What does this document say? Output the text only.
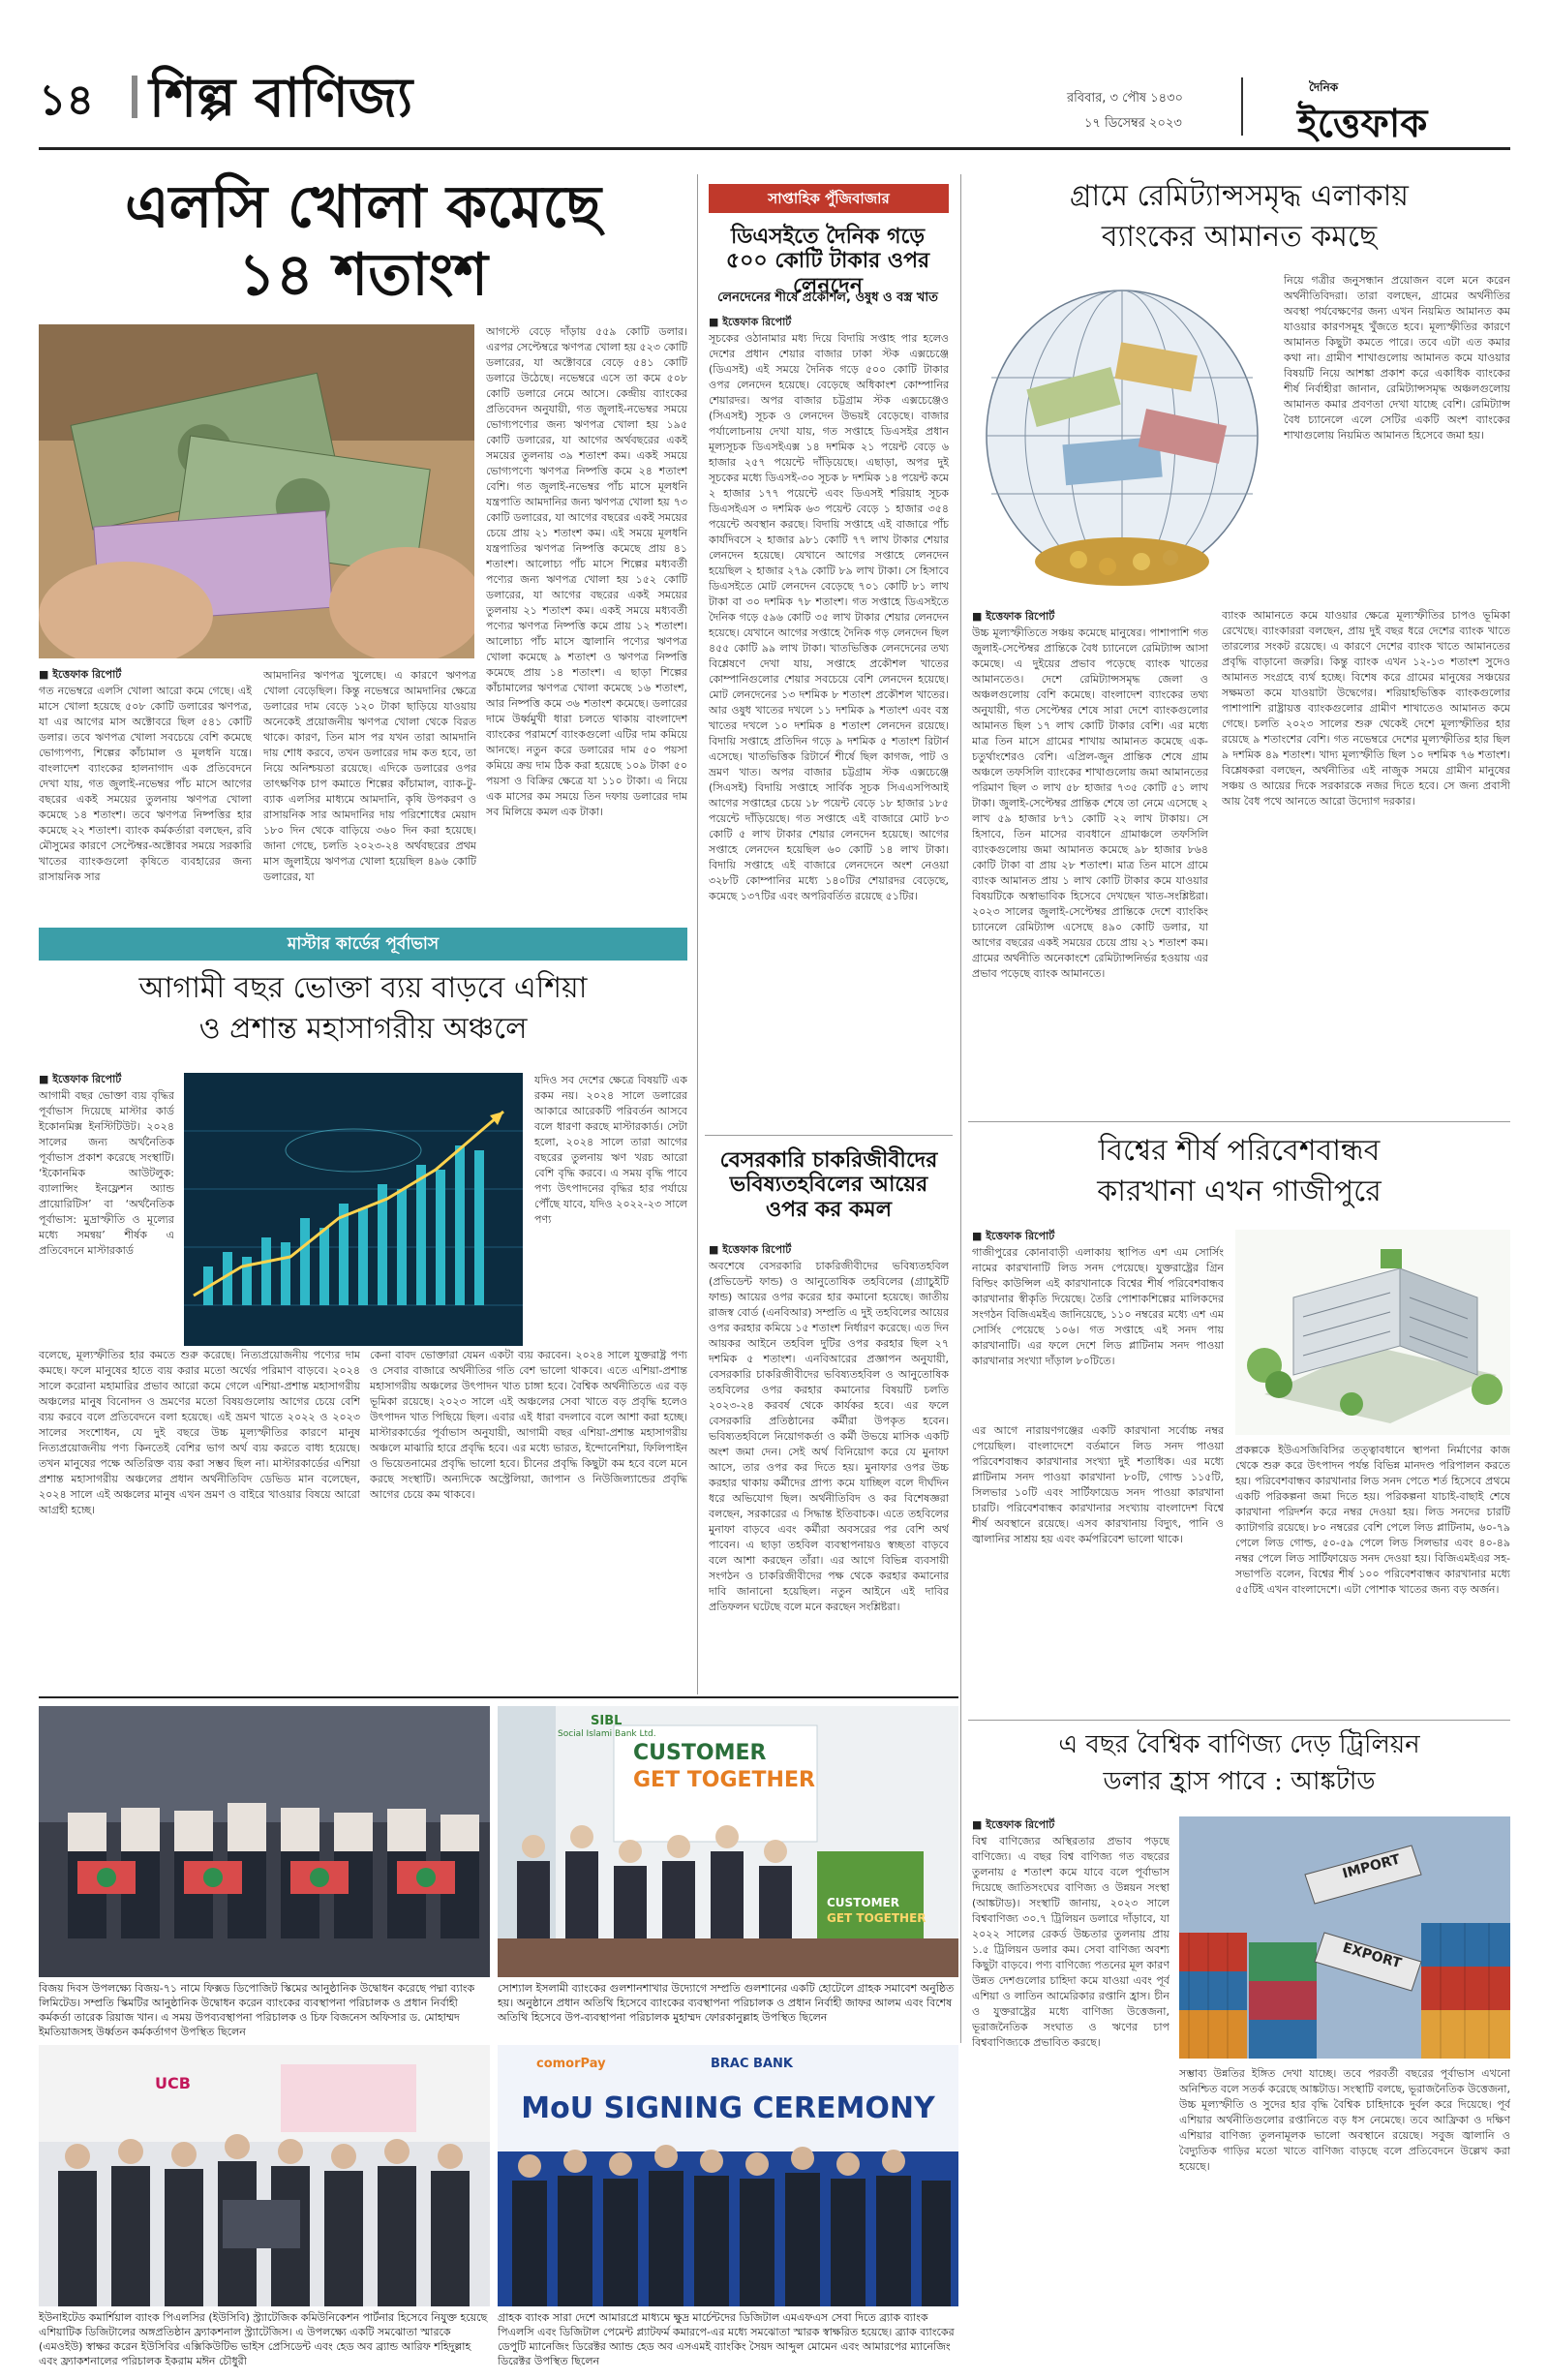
১৪ শিল্প বাণিজ্য	রবিবার, ৩ পৌষ ১৪৩০
১৭ ডিসেম্বর ২০২৩
দৈনিক
ইত্তেফাক
এলসি খোলা কমেছে
১৪ শতাংশ
■ ইত্তেফাক রিপোর্ট
গত নভেম্বরে এলসি খোলা আরো কমে গেছে। এই মাসে খোলা হয়েছে ৫০৮ কোটি ডলারের ঋণপত্র, যা এর আগের মাস অক্টোবরে ছিল ৫৪১ কোটি ডলার। তবে ঋণপত্র খোলা সবচেয়ে বেশি কমেছে ভোগ্যপণ্য, শিল্পের কাঁচামাল ও মূলধনি যন্ত্রে। বাংলাদেশ ব্যাংকের হালনাগাদ এক প্রতিবেদনে দেখা যায়, গত জুলাই-নভেম্বর পাঁচ মাসে আগের বছরের একই সময়ের তুলনায় ঋণপত্র খোলা কমেছে ১৪ শতাংশ। তবে ঋণপত্র নিষ্পত্তির হার কমেছে ২২ শতাংশ। ব্যাংক কর্মকর্তারা বলছেন, রবি মৌসুমের কারণে সেপ্টেম্বর-অক্টোবর সময়ে সরকারি খাতের ব্যাংকগুলো কৃষিতে ব্যবহারের জন্য রাসায়নিক সার
আমদানির ঋণপত্র খুলেছে। এ কারণে ঋণপত্র খোলা বেড়েছিল। কিন্তু নভেম্বরে আমদানির ক্ষেত্রে ডলারের দাম বেড়ে ১২০ টাকা ছাড়িয়ে যাওয়ায় অনেকেই প্রয়োজনীয় ঋণপত্র খোলা থেকে বিরত থাকে। কারণ, তিন মাস পর যখন তারা আমদানি দায় শোধ করবে, তখন ডলারের দাম কত হবে, তা নিয়ে অনিশ্চয়তা রয়েছে। এদিকে ডলারের ওপর তাৎক্ষণিক চাপ কমাতে শিল্পের কাঁচামাল, ব্যাক-টু-ব্যাক এলসির মাধ্যমে আমদানি, কৃষি উপকরণ ও রাসায়নিক সার আমদানির দায় পরিশোধের মেয়াদ ১৮০ দিন থেকে বাড়িয়ে ৩৬০ দিন করা হয়েছে। জানা গেছে, চলতি ২০২৩-২৪ অর্থবছরের প্রথম মাস জুলাইয়ে ঋণপত্র খোলা হয়েছিল ৪৯৬ কোটি ডলারের, যা
আগস্টে বেড়ে দাঁড়ায় ৫৫৯ কোটি ডলার। এরপর সেপ্টেম্বরে ঋণপত্র খোলা হয় ৫২৩ কোটি ডলারের, যা অক্টোবরে বেড়ে ৫৪১ কোটি ডলারে উঠেছে। নভেম্বরে এসে তা কমে ৫০৮ কোটি ডলারে নেমে আসে। কেন্দ্রীয় ব্যাংকের প্রতিবেদন অনুযায়ী, গত জুলাই-নভেম্বর সময়ে ভোগ্যপণ্যের জন্য ঋণপত্র খোলা হয় ১৯৫ কোটি ডলারের, যা আগের অর্থবছরের একই সময়ের তুলনায় ৩৯ শতাংশ কম। একই সময়ে ভোগ্যপণ্যে ঋণপত্র নিষ্পত্তি কমে ২৪ শতাংশ বেশি। গত জুলাই-নভেম্বর পাঁচ মাসে মূলধনি যন্ত্রপাতি আমদানির জন্য ঋণপত্র খোলা হয় ৭৩ কোটি ডলারের, যা আগের বছরের একই সময়ের চেয়ে প্রায় ২১ শতাংশ কম। এই সময়ে মূলধনি যন্ত্রপাতির ঋণপত্র নিষ্পত্তি কমেছে প্রায় ৪১ শতাংশ। আলোচ্য পাঁচ মাসে শিল্পের মধ্যবর্তী পণ্যের জন্য ঋণপত্র খোলা হয় ১৫২ কোটি ডলারের, যা আগের বছরের একই সময়ের তুলনায় ২১ শতাংশ কম। একই সময়ে মধ্যবর্তী পণ্যের ঋণপত্র নিষ্পত্তি কমে প্রায় ১২ শতাংশ। আলোচ্য পাঁচ মাসে জ্বালানি পণ্যের ঋণপত্র খোলা কমেছে ৯ শতাংশ ও ঋণপত্র নিষ্পত্তি কমেছে প্রায় ১৪ শতাংশ। এ ছাড়া শিল্পের কাঁচামালের ঋণপত্র খোলা কমেছে ১৬ শতাংশ, আর নিষ্পত্তি কমে ৩৬ শতাংশ কমেছে। ডলারের দামে উর্ধ্বমুখী ধারা চলতে থাকায় বাংলাদেশ ব্যাংকের পরামর্শে ব্যাংকগুলো এটির দাম কমিয়ে আনছে। নতুন করে ডলারের দাম ৫০ পয়সা কমিয়ে ক্রয় দাম ঠিক করা হয়েছে ১০৯ টাকা ৫০ পয়সা ও বিক্রির ক্ষেত্রে যা ১১০ টাকা। এ নিয়ে এক মাসের কম সময়ে তিন দফায় ডলারের দাম সব মিলিয়ে কমল এক টাকা।
সাপ্তাহিক পুঁজিবাজার
ডিএসইতে দৈনিক গড়ে ৫০০ কোটি টাকার ওপর লেনদেন
লেনদেনের শীর্ষে প্রকৌশল, ওষুধ ও বস্ত্র খাত
■ ইত্তেফাক রিপোর্ট
সূচকের ওঠানামার মধ্য দিয়ে বিদায়ি সপ্তাহ পার হলেও দেশের প্রধান শেয়ার বাজার ঢাকা স্টক এক্সচেঞ্জে (ডিএসই) এই সময়ে দৈনিক গড়ে ৫০০ কোটি টাকার ওপর লেনদেন হয়েছে। বেড়েছে অধিকাংশ কোম্পানির শেয়ারদর। অপর বাজার চট্টগ্রাম স্টক এক্সচেঞ্জেও (সিএসই) সূচক ও লেনদেন উভয়ই বেড়েছে। বাজার পর্যালোচনায় দেখা যায়, গত সপ্তাহে ডিএসইর প্রধান মূল্যসূচক ডিএসইএক্স ১৪ দশমিক ২১ পয়েন্ট বেড়ে ৬ হাজার ২৫৭ পয়েন্টে দাঁড়িয়েছে। এছাড়া, অপর দুই সূচকের মধ্যে ডিএসই-৩০ সূচক ৮ দশমিক ১৪ পয়েন্ট কমে ২ হাজার ১৭৭ পয়েন্টে এবং ডিএসই শরিয়াহ সূচক ডিএসইএস ৩ দশমিক ৬৩ পয়েন্ট বেড়ে ১ হাজার ৩৫৪ পয়েন্টে অবস্থান করছে। বিদায়ি সপ্তাহে এই বাজারে পাঁচ কার্যদিবসে ২ হাজার ৯৮১ কোটি ৭৭ লাখ টাকার শেয়ার লেনদেন হয়েছে। যেখানে আগের সপ্তাহে লেনদেন হয়েছিল ২ হাজার ২৭৯ কোটি ৮৯ লাখ টাকা। সে হিসাবে ডিএসইতে মোট লেনদেন বেড়েছে ৭০১ কোটি ৮১ লাখ টাকা বা ৩০ দশমিক ৭৮ শতাংশ। গত সপ্তাহে ডিএসইতে দৈনিক গড়ে ৫৯৬ কোটি ৩৫ লাখ টাকার শেয়ার লেনদেন হয়েছে। যেখানে আগের সপ্তাহে দৈনিক গড় লেনদেন ছিল ৪৫৫ কোটি ৯৯ লাখ টাকা। খাতভিত্তিক লেনদেনের তথ্য বিশ্লেষণে দেখা যায়, সপ্তাহে প্রকৌশল খাতের কোম্পানিগুলোর শেয়ার সবচেয়ে বেশি লেনদেন হয়েছে। মোট লেনদেনের ১৩ দশমিক ৮ শতাংশ প্রকৌশল খাতের। আর ওষুধ খাতের দখলে ১১ দশমিক ৯ শতাংশ এবং বস্ত্র খাতের দখলে ১০ দশমিক ৪ শতাংশ লেনদেন রয়েছে। বিদায়ি সপ্তাহে প্রতিদিন গড়ে ৯ দশমিক ৫ শতাংশ রিটার্ন এসেছে। খাতভিত্তিক রিটার্নে শীর্ষে ছিল কাগজ, পাট ও ভ্রমণ খাত। অপর বাজার চট্টগ্রাম স্টক এক্সচেঞ্জে (সিএসই) বিদায়ি সপ্তাহে সার্বিক সূচক সিএএসপিআই আগের সপ্তাহের চেয়ে ১৮ পয়েন্ট বেড়ে ১৮ হাজার ১৮৫ পয়েন্টে দাঁড়িয়েছে। গত সপ্তাহে এই বাজারে মোট ৮৩ কোটি ৫ লাখ টাকার শেয়ার লেনদেন হয়েছে। আগের সপ্তাহে লেনদেন হয়েছিল ৬০ কোটি ১৪ লাখ টাকা। বিদায়ি সপ্তাহে এই বাজারে লেনদেনে অংশ নেওয়া ৩২৮টি কোম্পানির মধ্যে ১৪০টির শেয়ারদর বেড়েছে, কমেছে ১৩৭টির এবং অপরিবর্তিত রয়েছে ৫১টির।
গ্রামে রেমিট্যান্সসমৃদ্ধ এলাকায়
ব্যাংকের আমানত কমছে
নিয়ে গত্রীর জনুসন্ধান প্রয়োজন বলে মনে করেন অর্থনীতিবিদরা। তারা বলছেন, গ্রামের অর্থনীতির অবস্থা পর্যবেক্ষণের জন্য এখন নিয়মিত আমানত কম যাওয়ার কারণসমূহ খুঁজতে হবে। মূল্যস্ফীতির কারণে আমানত কিছুটা কমতে পারে। তবে এটা এত কমার কথা না। গ্রামীণ শাখাগুলোয় আমানত কমে যাওয়ার বিষয়টি নিয়ে আশঙ্কা প্রকাশ করে একাধিক ব্যাংকের শীর্ষ নির্বাহীরা জানান, রেমিট্যান্সসমৃদ্ধ অঞ্চলগুলোয় আমানত কমার প্রবণতা দেখা যাচ্ছে বেশি। রেমিট্যান্স বৈধ চ্যানেলে এলে সেটির একটি অংশ ব্যাংকের শাখাগুলোয় নিয়মিত আমানত হিসেবে জমা হয়।
■ ইত্তেফাক রিপোর্ট
উচ্চ মূল্যস্ফীতিতে সঞ্চয় কমেছে মানুষের। পাশাপাশি গত জুলাই-সেপ্টেম্বর প্রান্তিকে বৈধ চ্যানেলে রেমিট্যান্স আসা কমেছে। এ দুইয়ের প্রভাব পড়েছে ব্যাংক খাতের আমানতেও। দেশে রেমিট্যান্সসমৃদ্ধ জেলা ও অঞ্চলগুলোয় বেশি কমেছে। বাংলাদেশ ব্যাংকের তথ্য অনুযায়ী, গত সেপ্টেম্বর শেষে সারা দেশে ব্যাংকগুলোর আমানত ছিল ১৭ লাখ কোটি টাকার বেশি। এর মধ্যে মাত্র তিন মাসে গ্রামের শাখায় আমানত কমেছে এক-চতুর্থাংশেরও বেশি। এপ্রিল-জুন প্রান্তিক শেষে গ্রাম অঞ্চলে তফসিলি ব্যাংকের শাখাগুলোয় জমা আমানতের পরিমাণ ছিল ৩ লাখ ৫৮ হাজার ৭৩৫ কোটি ৫১ লাখ টাকা। জুলাই-সেপ্টেম্বর প্রান্তিক শেষে তা নেমে এসেছে ২ লাখ ৫৯ হাজার ৮৭১ কোটি ২২ লাখ টাকায়। সে হিসাবে, তিন মাসের ব্যবধানে গ্রামাঞ্চলে তফসিলি ব্যাংকগুলোয় জমা আমানত কমেছে ৯৮ হাজার ৮৬৪ কোটি টাকা বা প্রায় ২৮ শতাংশ। মাত্র তিন মাসে গ্রামে ব্যাংক আমানত প্রায় ১ লাখ কোটি টাকার কমে যাওয়ার বিষয়টিকে অস্বাভাবিক হিসেবে দেখছেন খাত-সংশ্লিষ্টরা। ২০২৩ সালের জুলাই-সেপ্টেম্বর প্রান্তিকে দেশে ব্যাংকিং চ্যানেলে রেমিট্যান্স এসেছে ৪৯০ কোটি ডলার, যা আগের বছরের একই সময়ের চেয়ে প্রায় ২১ শতাংশ কম। গ্রামের অর্থনীতি অনেকাংশে রেমিট্যান্সনির্ভর হওয়ায় এর প্রভাব পড়েছে ব্যাংক আমানতে।
ব্যাংক আমানতে কমে যাওয়ার ক্ষেত্রে মূল্যস্ফীতির চাপও ভূমিকা রেখেছে। ব্যাংকাররা বলছেন, প্রায় দুই বছর ধরে দেশের ব্যাংক খাতে তারল্যের সংকট রয়েছে। এ কারণে দেশের ব্যাংক খাতে আমানতের প্রবৃদ্ধি বাড়ানো জরুরি। কিন্তু ব্যাংক এখন ১২-১৩ শতাংশ সুদেও আমানত সংগ্রহে ব্যর্থ হচ্ছে। বিশেষ করে গ্রামের মানুষের সঞ্চয়ের সক্ষমতা কমে যাওয়াটা উদ্বেগের। শরিয়াহভিত্তিক ব্যাংকগুলোর পাশাপাশি রাষ্ট্রায়ত্ত ব্যাংকগুলোর গ্রামীণ শাখাতেও আমানত কমে গেছে। চলতি ২০২৩ সালের শুরু থেকেই দেশে মূল্যস্ফীতির হার রয়েছে ৯ শতাংশের বেশি। গত নভেম্বরে দেশের মূল্যস্ফীতির হার ছিল ৯ দশমিক ৪৯ শতাংশ। খাদ্য মূল্যস্ফীতি ছিল ১০ দশমিক ৭৬ শতাংশ। বিশ্লেষকরা বলছেন, অর্থনীতির এই নাজুক সময়ে গ্রামীণ মানুষের সঞ্চয় ও আয়ের দিকে সরকারকে নজর দিতে হবে। সে জন্য প্রবাসী আয় বৈধ পথে আনতে আরো উদ্যোগ দরকার।
মাস্টার কার্ডের পূর্বাভাস
আগামী বছর ভোক্তা ব্যয় বাড়বে এশিয়া
ও প্রশান্ত মহাসাগরীয় অঞ্চলে
■ ইত্তেফাক রিপোর্ট
আগামী বছর ভোক্তা ব্যয় বৃদ্ধির পূর্বাভাস দিয়েছে মাস্টার কার্ড ইকোনমিক্স ইনস্টিটিউট। ২০২৪ সালের জন্য অর্থনৈতিক পূর্বাভাস প্রকাশ করেছে সংস্থাটি। ‘ইকোনমিক আউটলুক: ব্যালান্সিং ইনফ্লেশন অ্যান্ড প্রায়োরিটিস’ বা ‘অর্থনৈতিক পূর্বাভাস: মুদ্রাস্ফীতি ও মূল্যের মধ্যে সমন্বয়’ শীর্ষক এ প্রতিবেদনে মাস্টারকার্ড
যদিও সব দেশের ক্ষেত্রে বিষয়টি এক রকম নয়। ২০২৪ সালে ডলারের আকারে আরেকটি পরিবর্তন আসবে বলে ধারণা করছে মাস্টারকার্ড। সেটা হলো, ২০২৪ সালে তারা আগের বছরের তুলনায় ঋণ খরচ আরো বেশি বৃদ্ধি করবে। এ সময় বৃদ্ধি পাবে পণ্য উৎপাদনের বৃদ্ধির হার পর্যায়ে পৌঁছে যাবে, যদিও ২০২২-২৩ সালে পণ্য
বলেছে, মূল্যস্ফীতির হার কমতে শুরু করেছে। নিত্যপ্রয়োজনীয় পণ্যের দাম কমছে। ফলে মানুষের হাতে ব্যয় করার মতো অর্থের পরিমাণ বাড়বে। ২০২৪ সালে করোনা মহামারির প্রভাব আরো কমে গেলে এশিয়া-প্রশান্ত মহাসাগরীয় অঞ্চলের মানুষ বিনোদন ও ভ্রমণের মতো বিষয়গুলোয় আগের চেয়ে বেশি ব্যয় করবে বলে প্রতিবেদনে বলা হয়েছে। এই ভ্রমণ খাতে ২০২২ ও ২০২৩ সালের সংশোধন, যে দুই বছরে উচ্চ মূল্যস্ফীতির কারণে মানুষ নিত্যপ্রয়োজনীয় পণ্য কিনতেই বেশির ভাগ অর্থ ব্যয় করতে বাধ্য হয়েছে। তখন মানুষের পক্ষে অতিরিক্ত ব্যয় করা সম্ভব ছিল না। মাস্টারকার্ডের এশিয়া প্রশান্ত মহাসাগরীয় অঞ্চলের প্রধান অর্থনীতিবিদ ডেভিড মান বলেছেন, ২০২৪ সালে এই অঞ্চলের মানুষ এখন ভ্রমণ ও বাইরে খাওয়ার বিষয়ে আরো আগ্রহী হচ্ছে।
কেনা বাবদ ভোক্তারা যেমন একটা ব্যয় করবেন। ২০২৪ সালে যুক্তরাষ্ট্র পণ্য ও সেবার বাজারে অর্থনীতির গতি বেশ ভালো থাকবে। এতে এশিয়া-প্রশান্ত মহাসাগরীয় অঞ্চলের উৎপাদন খাত চাঙ্গা হবে। বৈশ্বিক অর্থনীতিতে এর বড় ভূমিকা রয়েছে। ২০২৩ সালে এই অঞ্চলের সেবা খাতে বড় প্রবৃদ্ধি হলেও উৎপাদন খাত পিছিয়ে ছিল। এবার এই ধারা বদলাবে বলে আশা করা হচ্ছে। মাস্টারকার্ডের পূর্বাভাস অনুযায়ী, আগামী বছর এশিয়া-প্রশান্ত মহাসাগরীয় অঞ্চলে মাঝারি হারে প্রবৃদ্ধি হবে। এর মধ্যে ভারত, ইন্দোনেশিয়া, ফিলিপাইন ও ভিয়েতনামের প্রবৃদ্ধি ভালো হবে। চীনের প্রবৃদ্ধি কিছুটা কম হবে বলে মনে করছে সংস্থাটি। অন্যদিকে অস্ট্রেলিয়া, জাপান ও নিউজিল্যান্ডের প্রবৃদ্ধি আগের চেয়ে কম থাকবে।
বেসরকারি চাকরিজীবীদের ভবিষ্যতহবিলের আয়ের ওপর কর কমল
■ ইত্তেফাক রিপোর্ট
অবশেষে বেসরকারি চাকরিজীবীদের ভবিষ্যতহবিল (প্রভিডেন্ট ফান্ড) ও আনুতোষিক তহবিলের (গ্র্যাচুইটি ফান্ড) আয়ের ওপর করের হার কমানো হয়েছে। জাতীয় রাজস্ব বোর্ড (এনবিআর) সম্প্রতি এ দুই তহবিলের আয়ের ওপর করহার কমিয়ে ১৫ শতাংশ নির্ধারণ করেছে। এত দিন আয়কর আইনে তহবিল দুটির ওপর করহার ছিল ২৭ দশমিক ৫ শতাংশ। এনবিআরের প্রজ্ঞাপন অনুযায়ী, বেসরকারি চাকরিজীবীদের ভবিষ্যতহবিল ও আনুতোষিক তহবিলের ওপর করহার কমানোর বিষয়টি চলতি ২০২৩-২৪ করবর্ষ থেকে কার্যকর হবে। এর ফলে বেসরকারি প্রতিষ্ঠানের কর্মীরা উপকৃত হবেন। ভবিষ্যতহবিলে নিয়োগকর্তা ও কর্মী উভয়ে মাসিক একটি অংশ জমা দেন। সেই অর্থ বিনিয়োগ করে যে মুনাফা আসে, তার ওপর কর দিতে হয়। মুনাফার ওপর উচ্চ করহার থাকায় কর্মীদের প্রাপ্য কমে যাচ্ছিল বলে দীর্ঘদিন ধরে অভিযোগ ছিল। অর্থনীতিবিদ ও কর বিশেষজ্ঞরা বলছেন, সরকারের এ সিদ্ধান্ত ইতিবাচক। এতে তহবিলের মুনাফা বাড়বে এবং কর্মীরা অবসরের পর বেশি অর্থ পাবেন। এ ছাড়া তহবিল ব্যবস্থাপনায়ও স্বচ্ছতা বাড়বে বলে আশা করছেন তাঁরা। এর আগে বিভিন্ন ব্যবসায়ী সংগঠন ও চাকরিজীবীদের পক্ষ থেকে করহার কমানোর দাবি জানানো হয়েছিল। নতুন আইনে এই দাবির প্রতিফলন ঘটেছে বলে মনে করছেন সংশ্লিষ্টরা।
বিশ্বের শীর্ষ পরিবেশবান্ধব
কারখানা এখন গাজীপুরে
■ ইত্তেফাক রিপোর্ট
গাজীপুরের কোনাবাড়ী এলাকায় স্থাপিত এশ এম সোর্সিং নামের কারখানাটি লিড সনদ পেয়েছে। যুক্তরাষ্ট্রের গ্রিন বিল্ডিং কাউন্সিল এই কারখানাকে বিশ্বের শীর্ষ পরিবেশবান্ধব কারখানার স্বীকৃতি দিয়েছে। তৈরি পোশাকশিল্পের মালিকদের সংগঠন বিজিএমইএ জানিয়েছে, ১১০ নম্বরের মধ্যে এশ এম সোর্সিং পেয়েছে ১০৬। গত সপ্তাহে এই সনদ পায় কারখানাটি। এর ফলে দেশে লিড প্লাটিনাম সনদ পাওয়া কারখানার সংখ্যা দাঁড়াল ৮০টিতে।
এর আগে নারায়ণগঞ্জের একটি কারখানা সর্বোচ্চ নম্বর পেয়েছিল। বাংলাদেশে বর্তমানে লিড সনদ পাওয়া পরিবেশবান্ধব কারখানার সংখ্যা দুই শতাধিক। এর মধ্যে প্লাটিনাম সনদ পাওয়া কারখানা ৮০টি, গোল্ড ১১৫টি, সিলভার ১০টি এবং সার্টিফায়েড সনদ পাওয়া কারখানা চারটি। পরিবেশবান্ধব কারখানার সংখ্যায় বাংলাদেশ বিশ্বে শীর্ষ অবস্থানে রয়েছে। এসব কারখানায় বিদ্যুৎ, পানি ও জ্বালানির সাশ্রয় হয় এবং কর্মপরিবেশ ভালো থাকে।
প্রকল্পকে ইউএসজিবিসির তত্ত্বাবধানে স্থাপনা নির্মাণের কাজ থেকে শুরু করে উৎপাদন পর্যন্ত বিভিন্ন মানদণ্ড পরিপালন করতে হয়। পরিবেশবান্ধব কারখানার লিড সনদ পেতে শর্ত হিসেবে প্রথমে একটি পরিকল্পনা জমা দিতে হয়। পরিকল্পনা যাচাই-বাছাই শেষে কারখানা পরিদর্শন করে নম্বর দেওয়া হয়। লিড সনদের চারটি ক্যাটাগরি রয়েছে। ৮০ নম্বরের বেশি পেলে লিড প্লাটিনাম, ৬০-৭৯ পেলে লিড গোল্ড, ৫০-৫৯ পেলে লিড সিলভার এবং ৪০-৪৯ নম্বর পেলে লিড সার্টিফায়েড সনদ দেওয়া হয়। বিজিএমইএর সহ-সভাপতি বলেন, বিশ্বের শীর্ষ ১০০ পরিবেশবান্ধব কারখানার মধ্যে ৫৫টিই এখন বাংলাদেশে। এটা পোশাক খাতের জন্য বড় অর্জন।
SIBL
Social Islami Bank Ltd.
CUSTOMER
GET TOGETHER
CUSTOMER
GET TOGETHER
বিজয় দিবস উপলক্ষ্যে বিজয়-৭১ নামে ফিক্সড ডিপোজিট স্কিমের আনুষ্ঠানিক উদ্বোধন করেছে পদ্মা ব্যাংক লিমিটেড। সম্প্রতি স্কিমটির আনুষ্ঠানিক উদ্বোধন করেন ব্যাংকের ব্যবস্থাপনা পরিচালক ও প্রধান নির্বাহী কর্মকর্তা তারেক রিয়াজ খান। এ সময় উপব্যবস্থাপনা পরিচালক ও চিফ বিজনেস অফিসার ড. মোহাম্মদ ইমতিয়াজসহ উর্ধ্বতন কর্মকর্তাগণ উপস্থিত ছিলেন
সোশ্যাল ইসলামী ব্যাংকের গুলশানশাখার উদ্যোগে সম্প্রতি গুলশানের একটি হোটেলে গ্রাহক সমাবেশ অনুষ্ঠিত হয়। অনুষ্ঠানে প্রধান অতিথি হিসেবে ব্যাংকের ব্যবস্থাপনা পরিচালক ও প্রধান নির্বাহী জাফর আলম এবং বিশেষ অতিথি হিসেবে উপ-ব্যবস্থাপনা পরিচালক মুহাম্মদ ফোরকানুল্লাহ উপস্থিত ছিলেন
UCB
comorPay	BRAC BANK
MoU SIGNING CEREMONY
ইউনাইটেড কমার্শিয়াল ব্যাংক পিএলসির (ইউসিবি) স্ট্র্যাটেজিক কমিউনিকেশন পার্টনার হিসেবে নিযুক্ত হয়েছে এশিয়াটিক ডিজিটালের অঙ্গপ্রতিষ্ঠান ফ্র্যাকশনাল স্ট্র্যাটেজিস। এ উপলক্ষ্যে একটি সমঝোতা স্মারকে (এমওইউ) স্বাক্ষর করেন ইউসিবির এক্সিকিউটিভ ভাইস প্রেসিডেন্ট এবং হেড অব ব্র্যান্ড আরিফ শহিদুল্লাহ এবং ফ্র্যাকশনালের পরিচালক ইকরাম মঈন চৌধুরী
গ্রাহক ব্যাংক সারা দেশে আমারপ্রে মাধ্যমে ক্ষুদ্র মার্চেন্টদের ডিজিটাল এমএফএস সেবা দিতে ব্র্যাক ব্যাংক পিএলসি এবং ডিজিটাল পেমেন্ট প্ল্যাটফর্ম কমারপে-এর মধ্যে সমঝোতা স্মারক স্বাক্ষরিত হয়েছে। ব্র্যাক ব্যাংকের ডেপুটি ম্যানেজিং ডিরেক্টর অ্যান্ড হেড অব এসএমই ব্যাংকিং সৈয়দ আব্দুল মোমেন এবং আমারপের ম্যানেজিং ডিরেক্টর উপস্থিত ছিলেন
এ বছর বৈশ্বিক বাণিজ্য দেড় ট্রিলিয়ন
ডলার হ্রাস পাবে : আঙ্কটাড
■ ইত্তেফাক রিপোর্ট
বিশ্ব বাণিজ্যের অস্থিরতার প্রভাব পড়ছে বাণিজ্যে। এ বছর বিশ্ব বাণিজ্য গত বছরের তুলনায় ৫ শতাংশ কমে যাবে বলে পূর্বাভাস দিয়েছে জাতিসংঘের বাণিজ্য ও উন্নয়ন সংস্থা (আঙ্কটাড)। সংস্থাটি জানায়, ২০২৩ সালে বিশ্ববাণিজ্য ৩০.৭ ট্রিলিয়ন ডলারে দাঁড়াবে, যা ২০২২ সালের রেকর্ড উচ্চতার তুলনায় প্রায় ১.৫ ট্রিলিয়ন ডলার কম। সেবা বাণিজ্য অবশ্য কিছুটা বাড়বে। পণ্য বাণিজ্যে পতনের মূল কারণ উন্নত দেশগুলোর চাহিদা কমে যাওয়া এবং পূর্ব এশিয়া ও লাতিন আমেরিকার রপ্তানি হ্রাস। চীন ও যুক্তরাষ্ট্রের মধ্যে বাণিজ্য উত্তেজনা, ভূরাজনৈতিক সংঘাত ও ঋণের চাপ বিশ্ববাণিজ্যকে প্রভাবিত করছে।
IMPORT
EXPORT
সম্ভাব্য উন্নতির ইঙ্গিত দেখা যাচ্ছে। তবে পরবর্তী বছরের পূর্বাভাস এখনো অনিশ্চিত বলে সতর্ক করেছে আঙ্কটাড। সংস্থাটি বলছে, ভূরাজনৈতিক উত্তেজনা, উচ্চ মূল্যস্ফীতি ও সুদের হার বৃদ্ধি বৈশ্বিক চাহিদাকে দুর্বল করে দিয়েছে। পূর্ব এশিয়ার অর্থনীতিগুলোর রপ্তানিতে বড় ধস নেমেছে। তবে আফ্রিকা ও দক্ষিণ এশিয়ার বাণিজ্য তুলনামূলক ভালো অবস্থানে রয়েছে। সবুজ জ্বালানি ও বৈদ্যুতিক গাড়ির মতো খাতে বাণিজ্য বাড়ছে বলে প্রতিবেদনে উল্লেখ করা হয়েছে।
